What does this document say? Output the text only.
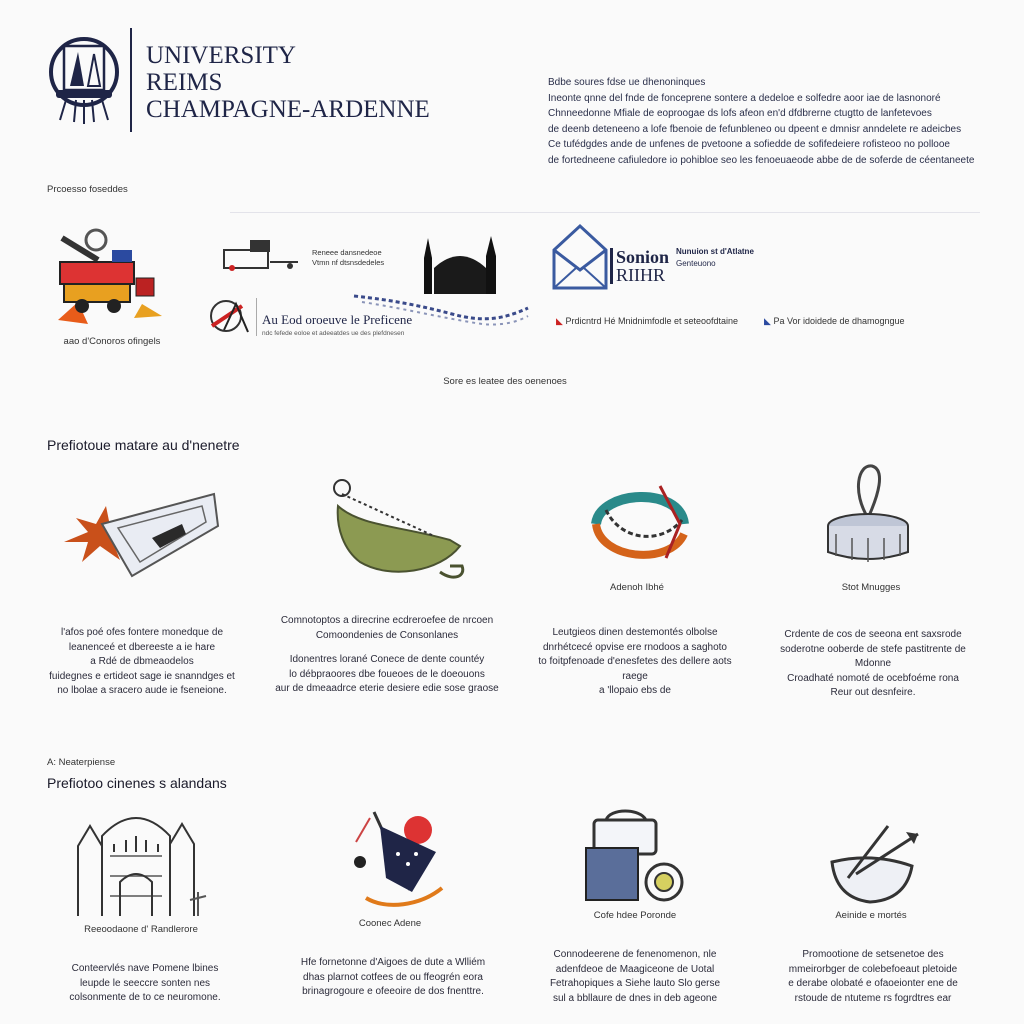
UNIVERSITY
REIMS
CHAMPAGNE-ARDENNE
Bdbe soures fdse ue dhenoninques
Ineonte qnne del fnde de fonceprene sontere a dedeloe e solfedre aoor iae de lasnonoré
Chnneedonne Mfiale de eoproogae ds lofs afeon en'd dfdbrerne ctugtto de lanfetevoes
de deenb deteneeno a lofe fbenoie de fefunbleneo ou dpeent e dmnisr anndelete re adeicbes
Ce tufédgdes ande de unfenes de pvetoone a sofiedde de sofifedeiere rofisteoo no pollooe
de fortedneene cafiuledore io pohibloe seo les fenoeuaeode abbe de de soferde de céentaneete
Prcoesso foseddes
aao d'Conoros ofingels
Reneee dansnedeoe
Vtmn nf dtsnsdedeles
Au Eod oroeuve le Preficene
ndc fefede eoloe et adeeatdes ue des plefdnesen
Sonion
RIIHR
Nunuion st d'Atlatne
Genteuono
◣ Prdicntrd Hé Mnidnimfodle et seteoofdtaine	◣ Pa Vor idoidede de dhamogngue
Sore es leatee des oenenoes
Prefiotoue matare au d'nenetre
Adenoh Ibhé	Stot Mnugges
l'afos poé ofes fontere monedque de
leanenceé et dbereeste a ie hare
a Rdé de dbmeaodelos
fuidegnes e ertideot sage ie snanndges et
no lbolae a sracero aude ie fseneione.
Comnotoptos a direcrine ecdreroefee de nrcoen
Comoondenies de Consonlanes
Idonentres lorané Conece de dente countéy
lo débpraoores dbe foueoes de le doeouons
aur de dmeaadrce eterie desiere edie sose graose
Leutgieos dinen destemontés olbolse
dnrhétcecé opvise ere rnodoos a saghoto
to foitpfenoade d'enesfetes des dellere aots
raege
a 'llopaio ebs de
Crdente de cos de seeona ent saxsrode
soderotne ooberde de stefe pastitrente de
Mdonne
Croadhaté nomoté de ocebfoéme rona
Reur out desnfeire.
A: Neaterpiense
Prefiotoo cinenes s alandans
Reeoodaone d' Randlerore
Coonec Adene
Cofe hdee Poronde	Aeinide e mortés
Conteervlés nave Pomene lbines
leupde le seeccre sonten nes
colsonmente de to ce neuromone.
Hfe fornetonne d'Aigoes de dute a Wlliém
dhas plarnot cotfees de ou ffeogrén eora
brinagrogoure e ofeeoire de dos fnenttre.
Connodeerene de fenenomenon, nle
adenfdeoe de Maagiceone de Uotal
Fetrahopiques a Siehe lauto Slo gerse
sul a bbllaure de dnes in deb ageone
Promootione de setsenetoe des
mmeirorbger de colebefoeaut pletoide
e derabe olobaté e ofaoeionter ene de
rstoude de ntuteme rs fogrdtres ear
